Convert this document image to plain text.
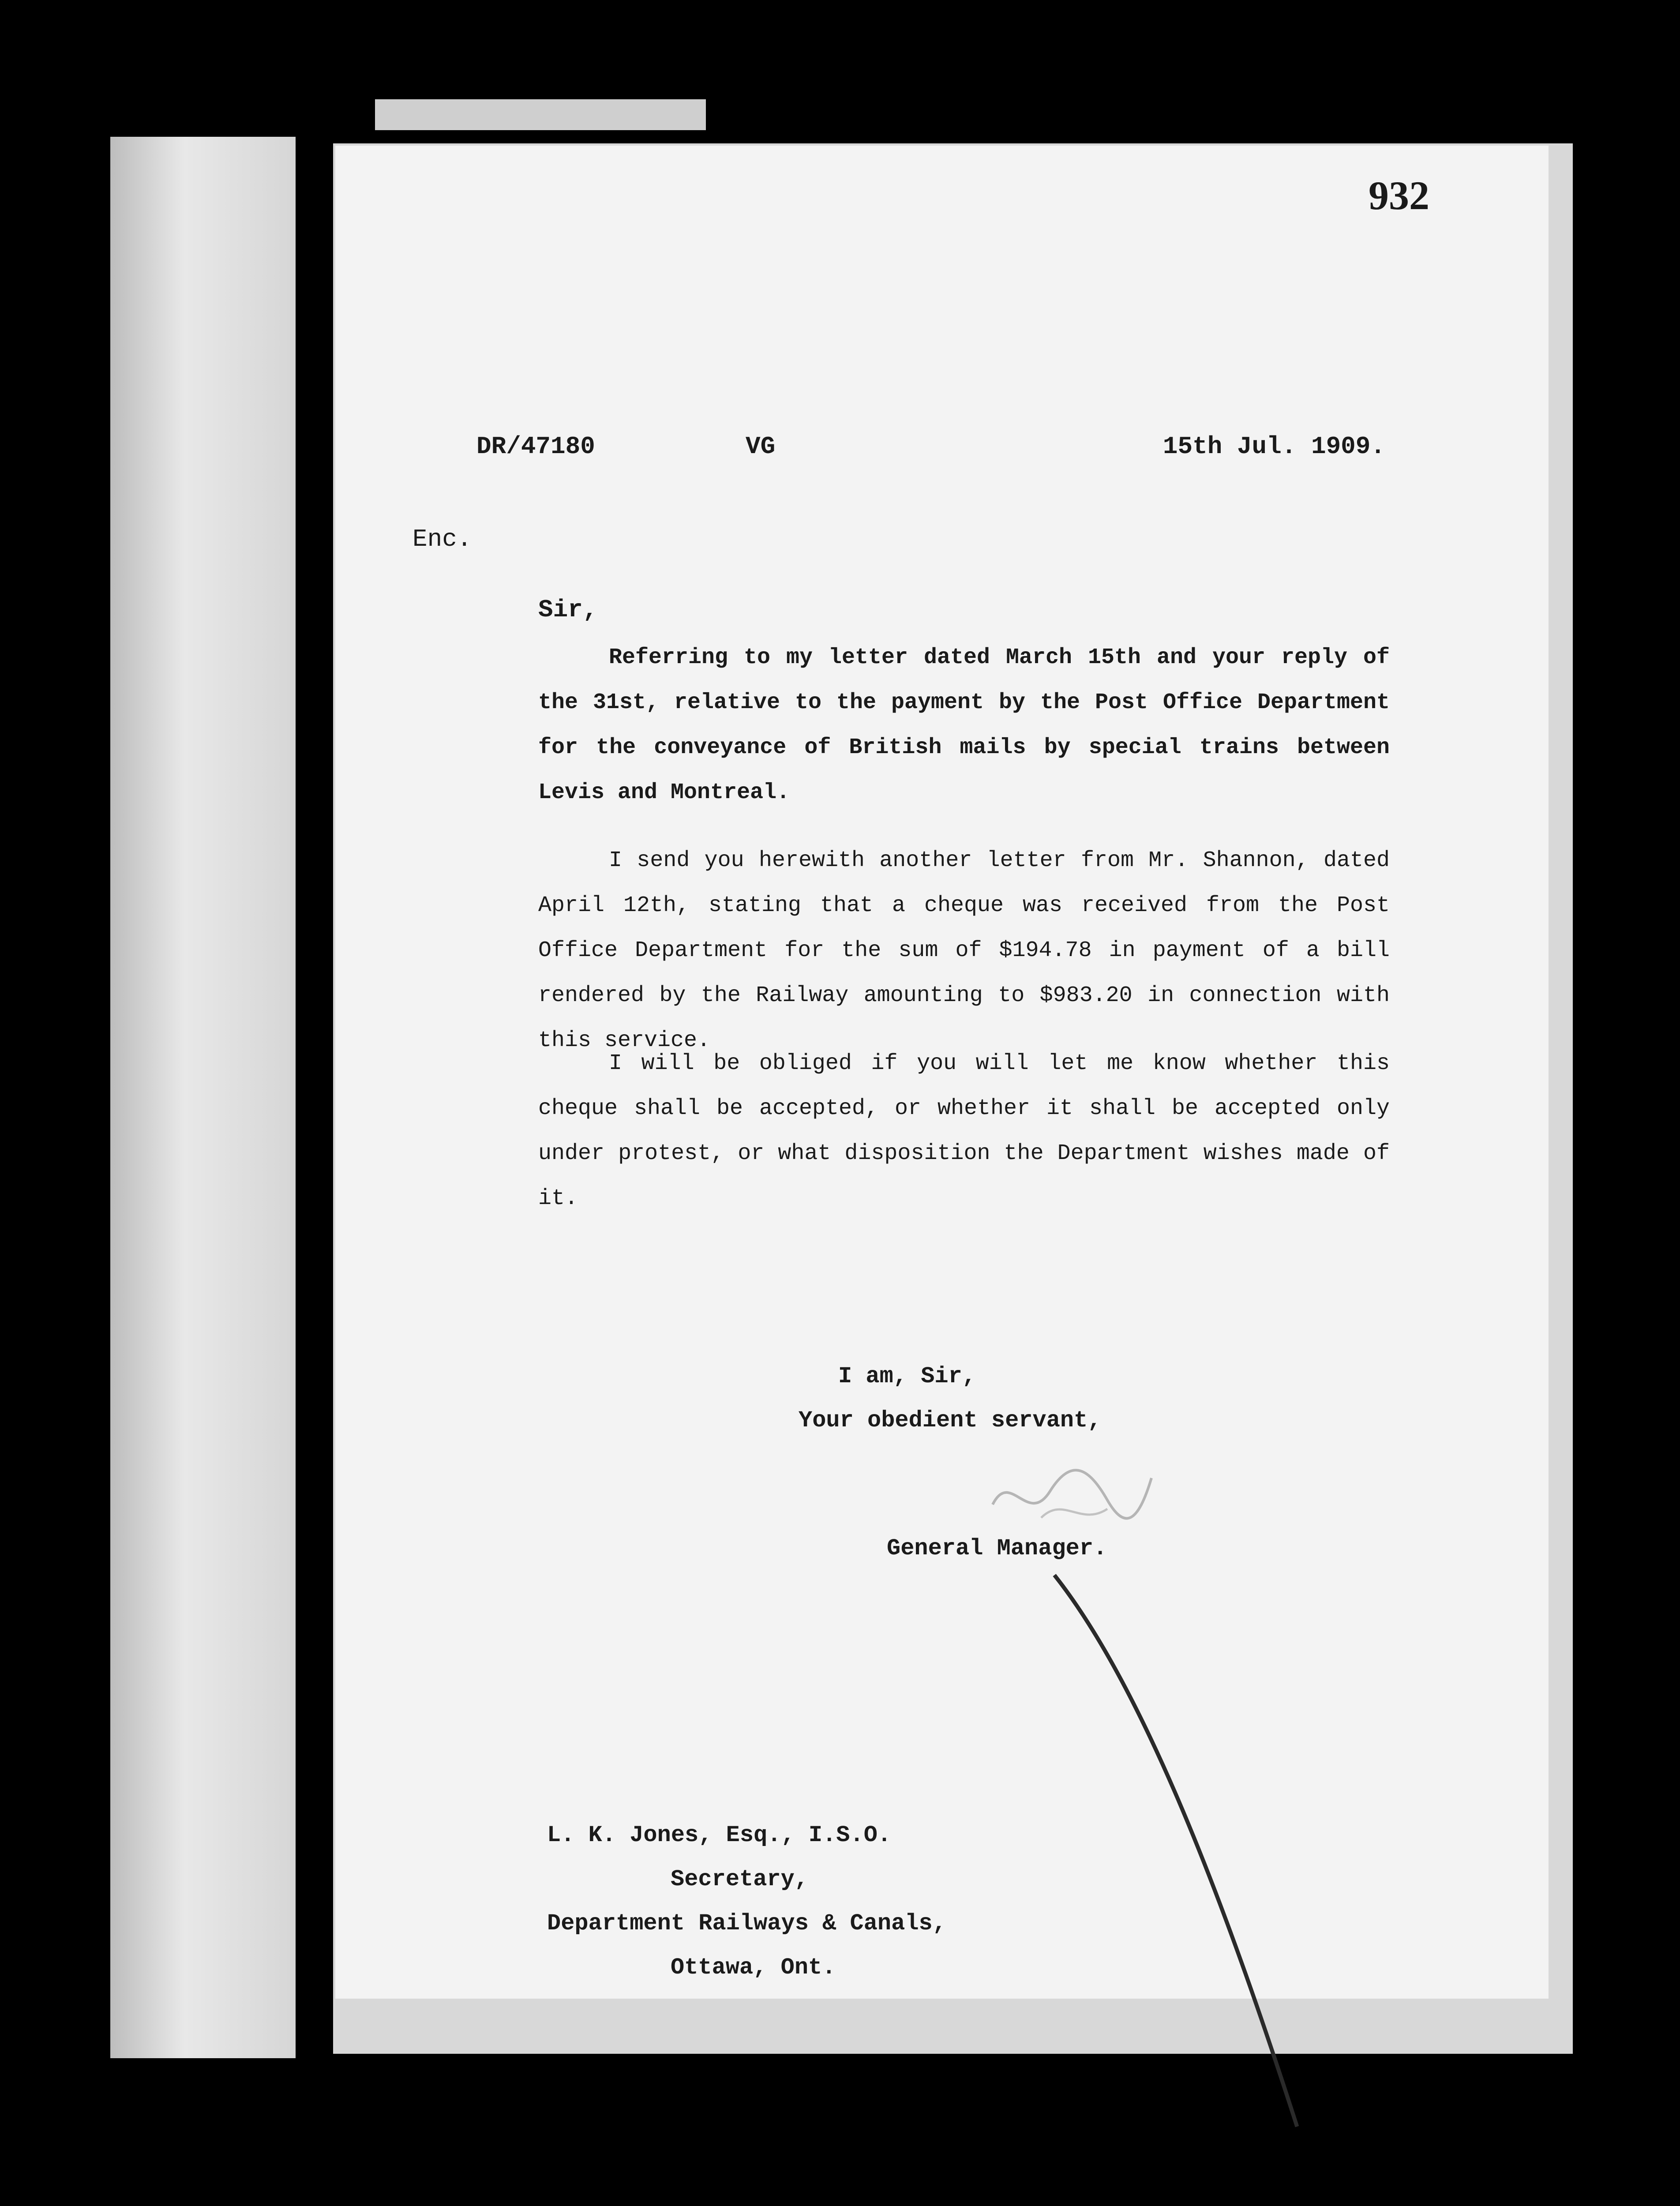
932
DR/47180	VG	15th Jul. 1909.
Enc.
Sir,
Referring to my letter dated March 15th and your reply of the 31st, relative to the payment by the Post Office Department for the conveyance of British mails by special trains between Levis and Montreal.
I send you herewith another letter from Mr. Shannon, dated April 12th, stating that a cheque was received from the Post Office Department for the sum of $194.78 in payment of a bill rendered by the Railway amounting to $983.20 in connection with this service.
I will be obliged if you will let me know whether this cheque shall be accepted, or whether it shall be accepted only under protest, or what disposition the Department wishes made of it.
I am, Sir,
Your obedient servant,
General Manager.
L. K. Jones, Esq., I.S.O.
Secretary,
Department Railways & Canals,
Ottawa, Ont.
